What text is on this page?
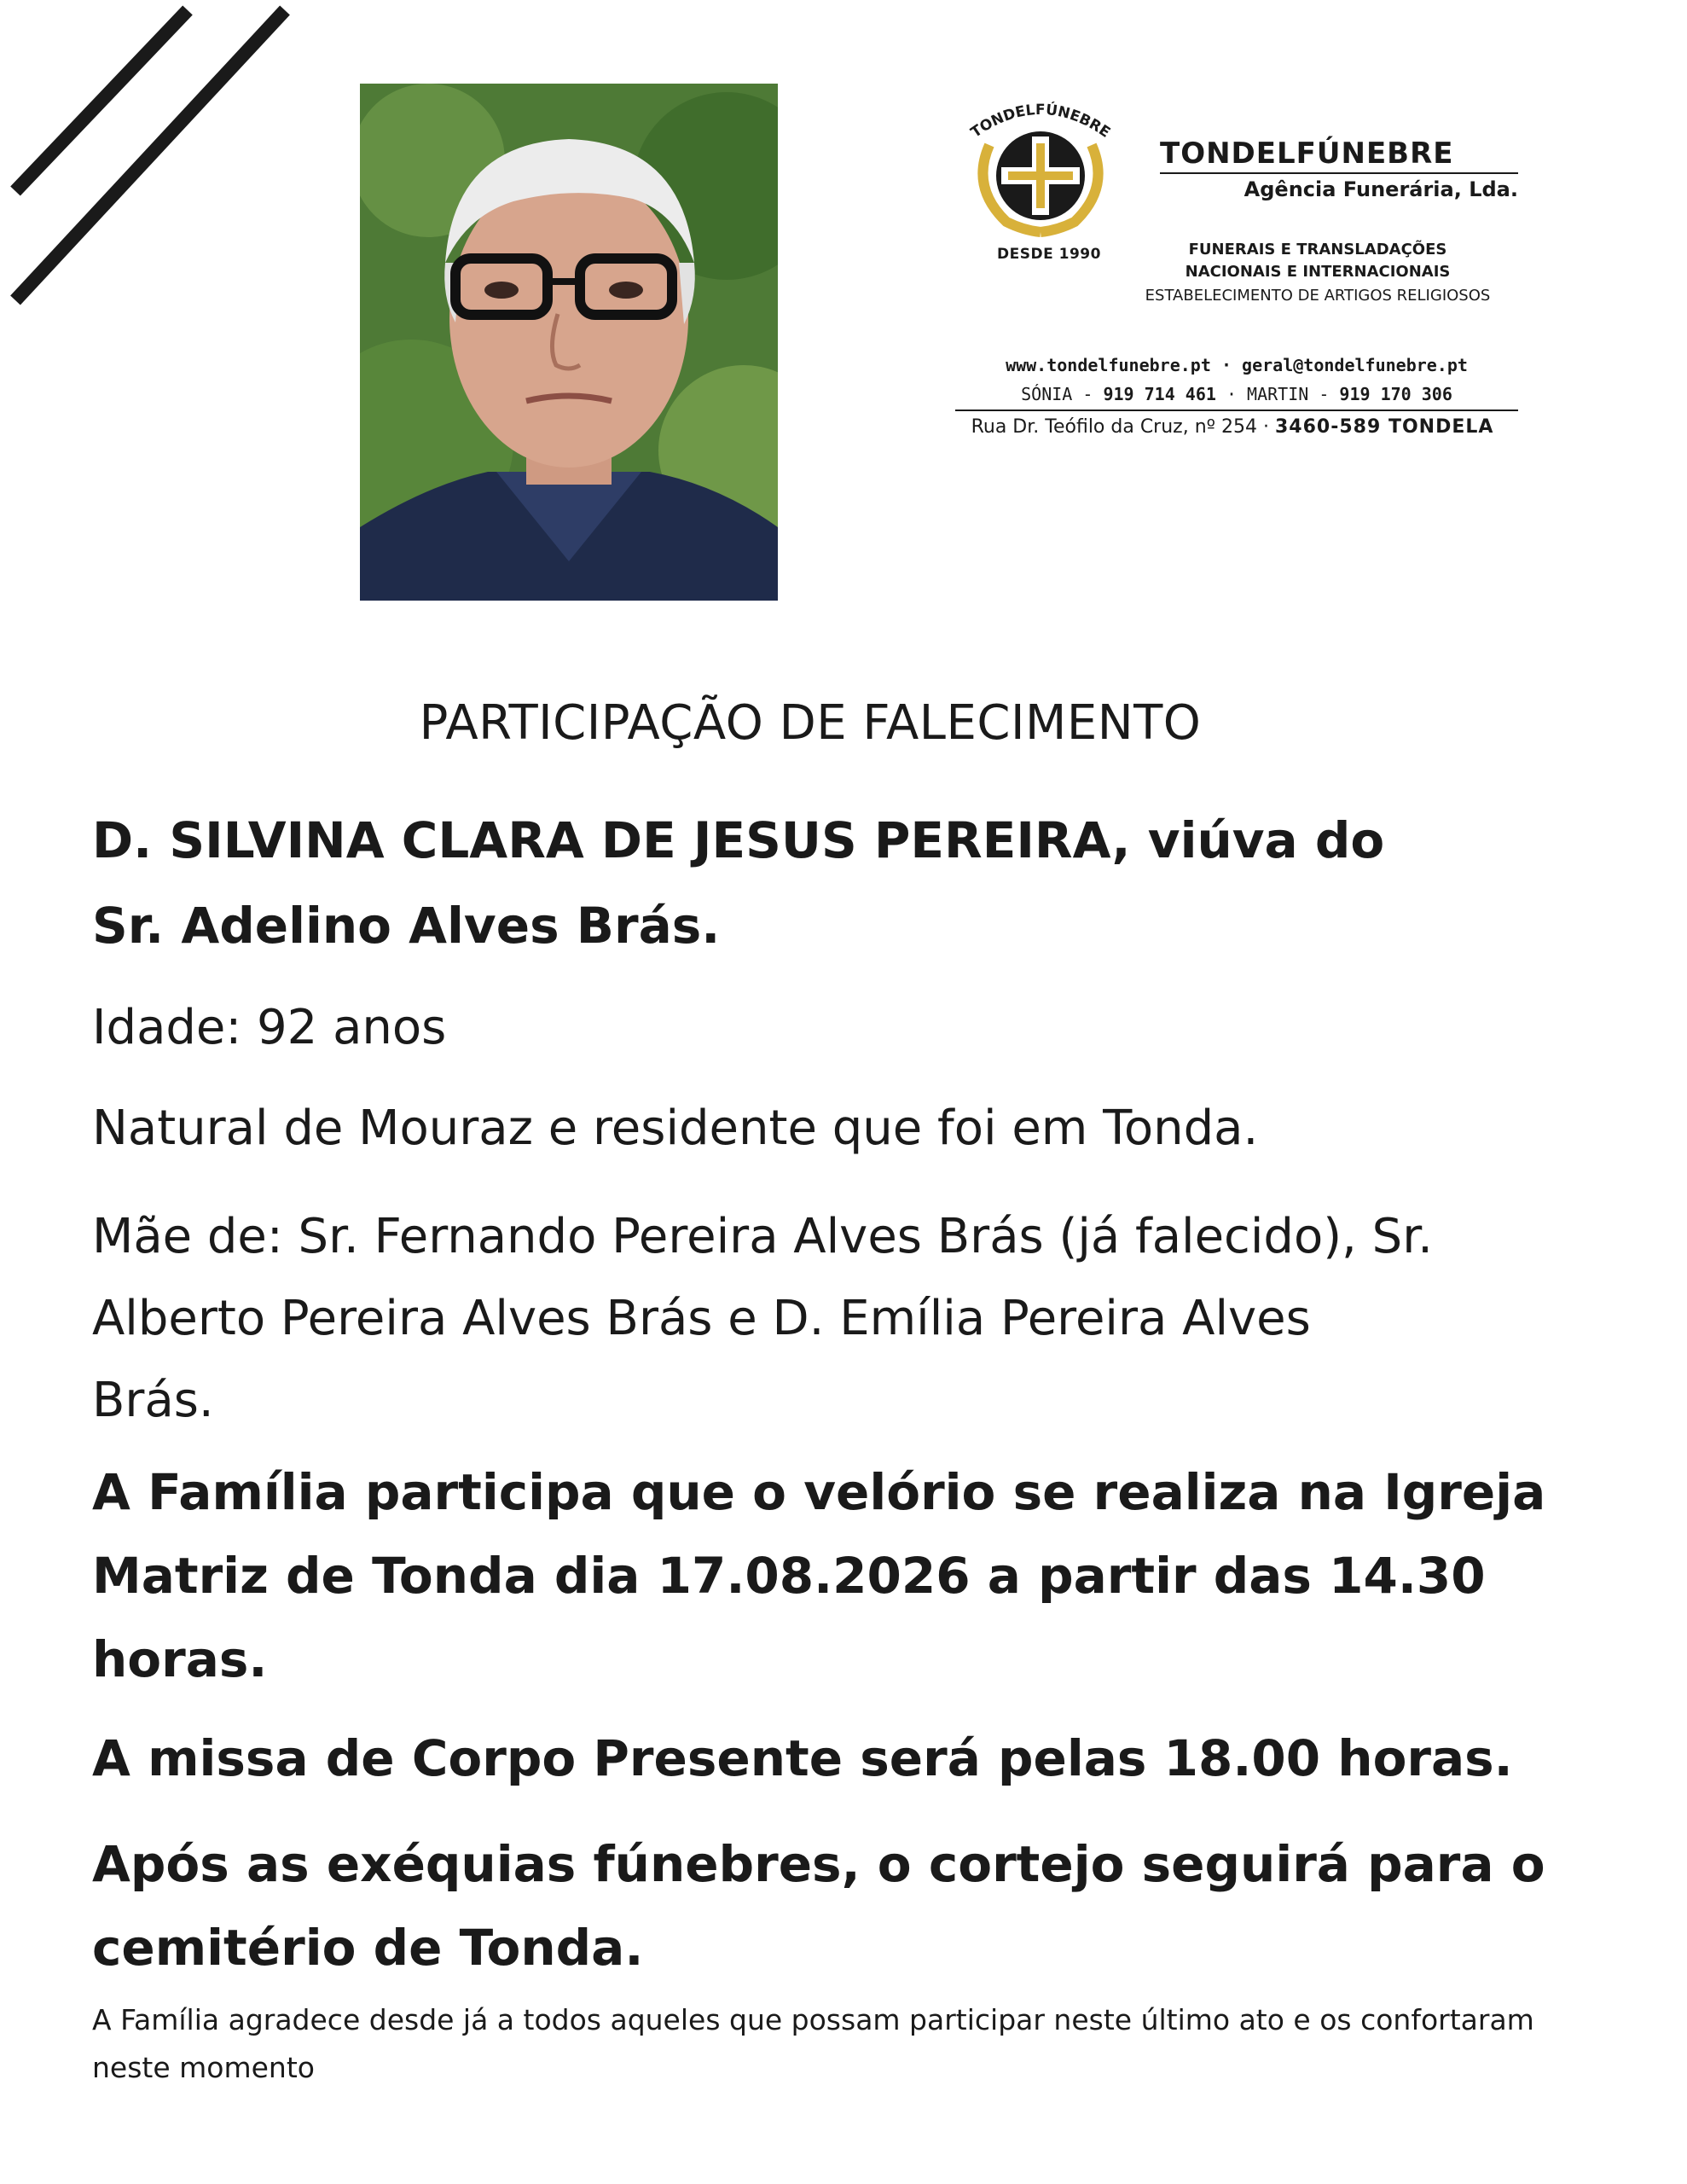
TONDELFÚNEBRE
DESDE 1990
TONDELFÚNEBRE
Agência Funerária, Lda.
FUNERAIS E TRANSLADAÇÕES
NACIONAIS E INTERNACIONAIS
ESTABELECIMENTO DE ARTIGOS RELIGIOSOS
www.tondelfunebre.pt · geral@tondelfunebre.pt
SÓNIA - 919 714 461 · MARTIN - 919 170 306
Rua Dr. Teófilo da Cruz, nº 254 · 3460-589 TONDELA
PARTICIPAÇÃO DE FALECIMENTO

D. SILVINA CLARA DE JESUS PEREIRA, viúva do
Sr. Adelino Alves Brás.

Idade: 92 anos

Natural de Mouraz e residente que foi em Tonda.

Mãe de: Sr. Fernando Pereira Alves Brás (já falecido), Sr.
Alberto Pereira Alves Brás e D. Emília Pereira Alves
Brás.

A Família participa que o velório se realiza na Igreja
Matriz de Tonda dia 17.08.2026 a partir das 14.30
horas.

A missa de Corpo Presente será pelas 18.00 horas.

Após as exéquias fúnebres, o cortejo seguirá para o
cemitério de Tonda.

A Família agradece desde já a todos aqueles que possam participar neste último ato e os confortaram
neste momento
